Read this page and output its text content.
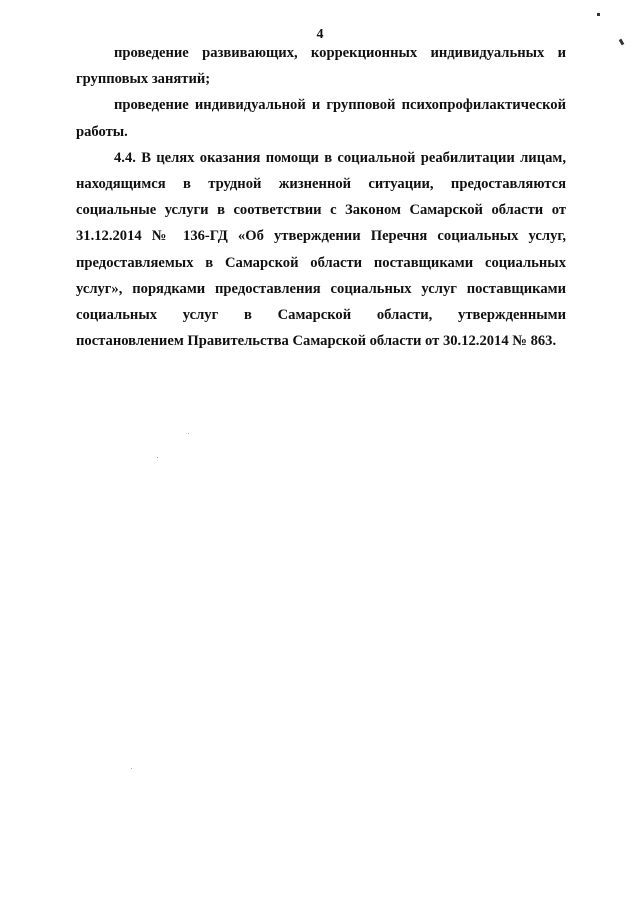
4

проведение развивающих, коррекционных индивидуальных и групповых занятий;

проведение индивидуальной и групповой психопрофилактической работы.

4.4. В целях оказания помощи в социальной реабилитации лицам, находящимся в трудной жизненной ситуации, предоставляются социальные услуги в соответствии с Законом Самарской области от 31.12.2014 № 136-ГД «Об утверждении Перечня социальных услуг, предоставляемых в Самарской области поставщиками социальных услуг», порядками предоставления социальных услуг поставщиками социальных услуг в Самарской области, утвержденными постановлением Правительства Самарской области от 30.12.2014 № 863.
